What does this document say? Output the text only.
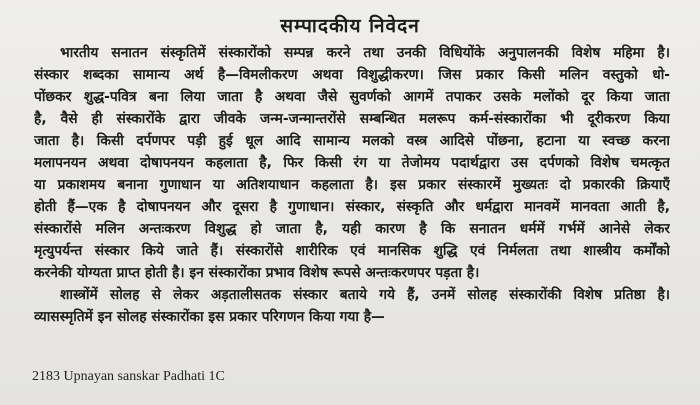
सम्पादकीय निवेदन
भारतीय सनातन संस्कृतिमें संस्कारोंको सम्पन्न करने तथा उनकी विधियोंके अनुपालनकी विशेष महिमा है।
संस्कार शब्दका सामान्य अर्थ है—विमलीकरण अथवा विशुद्धीकरण। जिस प्रकार किसी मलिन वस्तुको धो-
पोंछकर शुद्ध-पवित्र बना लिया जाता है अथवा जैसे सुवर्णको आगमें तपाकर उसके मलोंको दूर किया जाता
है, वैसे ही संस्कारोंके द्वारा जीवके जन्म-जन्मान्तरोंसे सम्बन्धित मलरूप कर्म-संस्कारोंका भी दूरीकरण किया
जाता है। किसी दर्पणपर पड़ी हुई धूल आदि सामान्य मलको वस्त्र आदिसे पोंछना, हटाना या स्वच्छ करना
मलापनयन अथवा दोषापनयन कहलाता है, फिर किसी रंग या तेजोमय पदार्थद्वारा उस दर्पणको विशेष चमत्कृत
या प्रकाशमय बनाना गुणाधान या अतिशयाधान कहलाता है। इस प्रकार संस्कारमें मुख्यतः दो प्रकारकी क्रियाएँ
होती हैं—एक है दोषापनयन और दूसरा है गुणाधान। संस्कार, संस्कृति और धर्मद्वारा मानवमें मानवता आती है,
संस्कारोंसे मलिन अन्तःकरण विशुद्ध हो जाता है, यही कारण है कि सनातन धर्ममें गर्भमें आनेसे लेकर
मृत्युपर्यन्त संस्कार किये जाते हैं। संस्कारोंसे शारीरिक एवं मानसिक शुद्धि एवं निर्मलता तथा शास्त्रीय कर्मोंको
करनेकी योग्यता प्राप्त होती है। इन संस्कारोंका प्रभाव विशेष रूपसे अन्तःकरणपर पड़ता है।
शास्त्रोंमें सोलह से लेकर अड़तालीसतक संस्कार बताये गये हैं, उनमें सोलह संस्कारोंकी विशेष प्रतिष्ठा है।
व्यासस्मृतिमें इन सोलह संस्कारोंका इस प्रकार परिगणन किया गया है—
2183 Upnayan sanskar Padhati 1C
